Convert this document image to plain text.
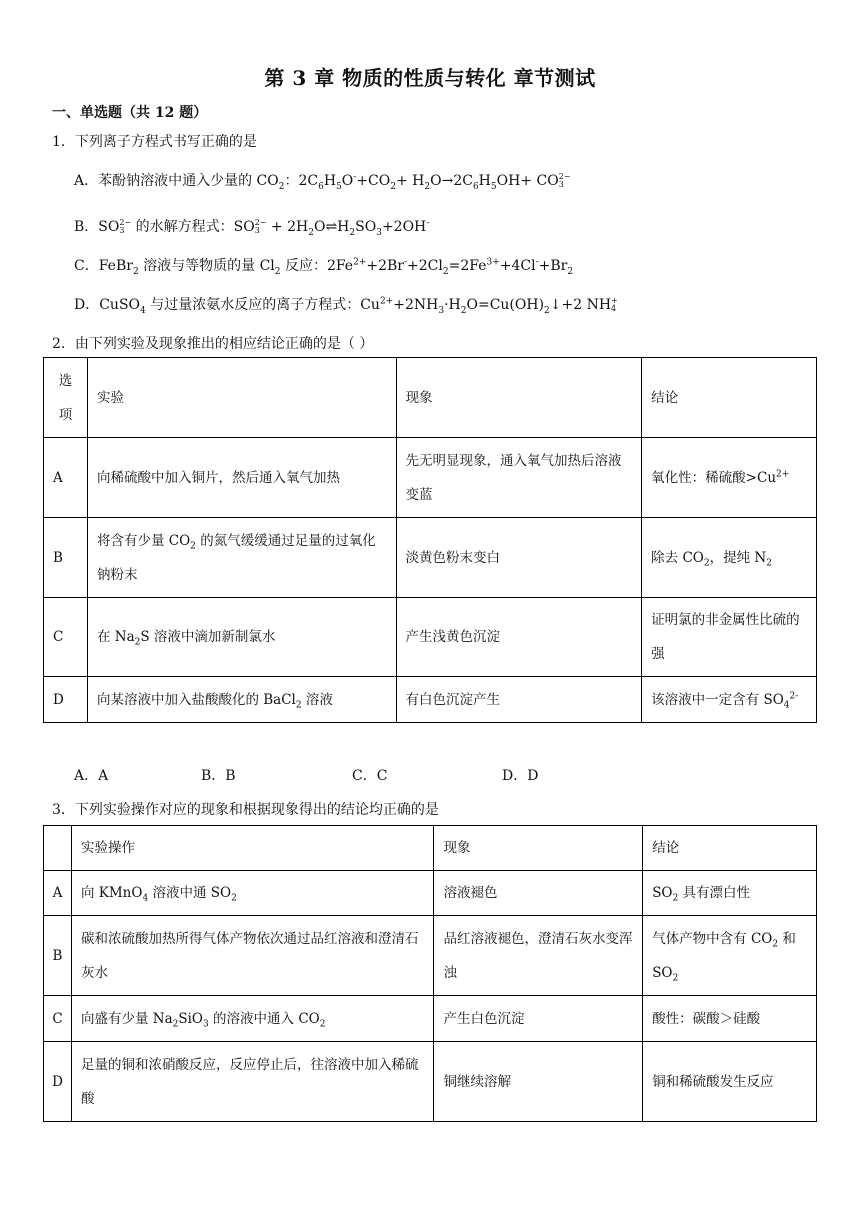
第 3 章 物质的性质与转化 章节测试
一、单选题（共 12 题）
1．下列离子方程式书写正确的是
A．苯酚钠溶液中通入少量的 $CO_2$：$2C_6H_5O^-+CO_2+ H_2O\to 2C_6H_5OH+$ CO 2−
3
B．SO 2−
3 的水解方程式：SO 2−
$3 + 2H_2O\rightleftharpoons H_2SO_3+2OH^-$
C．FeBr$_2$ 溶液与等物质的量 $Cl_2$ 反应：$2Fe^{2+}+2Br^-+2Cl_2=2Fe^{3+}+4Cl^-+Br_2$
D．CuSO$_4$ 与过量浓氨水反应的离子方程式：$Cu^{2+}+2NH_3\cdot H_2O=Cu(OH)_2↓+2$ NH +
4
2．由下列实验及现象推出的相应结论正确的是（ ）
选项	实验	现象	结论
A	向稀硫酸中加入铜片，然后通入氧气加热	先无明显现象，通入氧气加热后溶液变蓝	氧化性：稀硫酸$>Cu^{2+}$
B	将含有少量 $CO_2$ 的氮气缓缓通过足量的过氧化钠粉末	淡黄色粉末变白	除去 $CO_2$，提纯 $N_2$
C	在 $Na_2S$ 溶液中滴加新制氯水	产生浅黄色沉淀	证明氯的非金属性比硫的强
D	向某溶液中加入盐酸酸化的 BaCl$_2$ 溶液	有白色沉淀产生	该溶液中一定含有 $SO_4^{2-}$
A．A	B．B	C．C	D．D
3．下列实验操作对应的现象和根据现象得出的结论均正确的是
	实验操作	现象	结论
A	向 KMnO$_4$ 溶液中通 $SO_2$	溶液褪色	$SO_2$ 具有漂白性
B	碳和浓硫酸加热所得气体产物依次通过品红溶液和澄清石灰水	品红溶液褪色，澄清石灰水变浑浊	气体产物中含有 $CO_2$ 和 $SO_2$
C	向盛有少量 $Na_2SiO_3$ 的溶液中通入 $CO_2$	产生白色沉淀	酸性：碳酸＞硅酸
D	足量的铜和浓硝酸反应，反应停止后，往溶液中加入稀硫酸	铜继续溶解	铜和稀硫酸发生反应
